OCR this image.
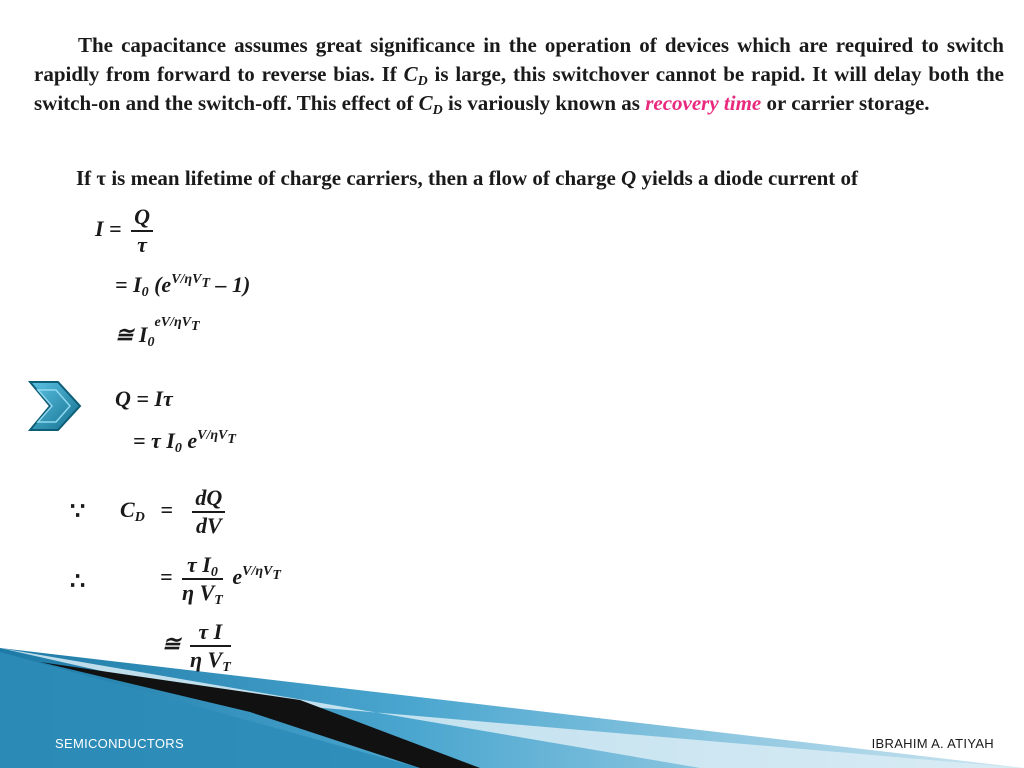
The capacitance assumes great significance in the operation of devices which are required to switch rapidly from forward to reverse bias. If $C_D$ is large, this switchover cannot be rapid. It will delay both the switch-on and the switch-off. This effect of $C_D$ is variously known as recovery time or carrier storage.

If τ is mean lifetime of charge carriers, then a flow of charge Q yields a diode current of

$I = \frac{Q}{\tau}$
= $I_0$ $(e^{V/\eta V_T} - 1)$
≅ $I_0^{eV/\eta V_T}$
Q = Iτ
= τ $I_0$ $e^{V/\eta V_T}$
∵
∴
$C_D = \frac{dQ}{dV}$
= $\frac{\tau I_0}{\eta V_T} e^{V/\eta V_T}$
≅ $\frac{\text{τ I}}{\eta V_T}$
SEMICONDUCTORS	IBRAHIM A. ATIYAH
